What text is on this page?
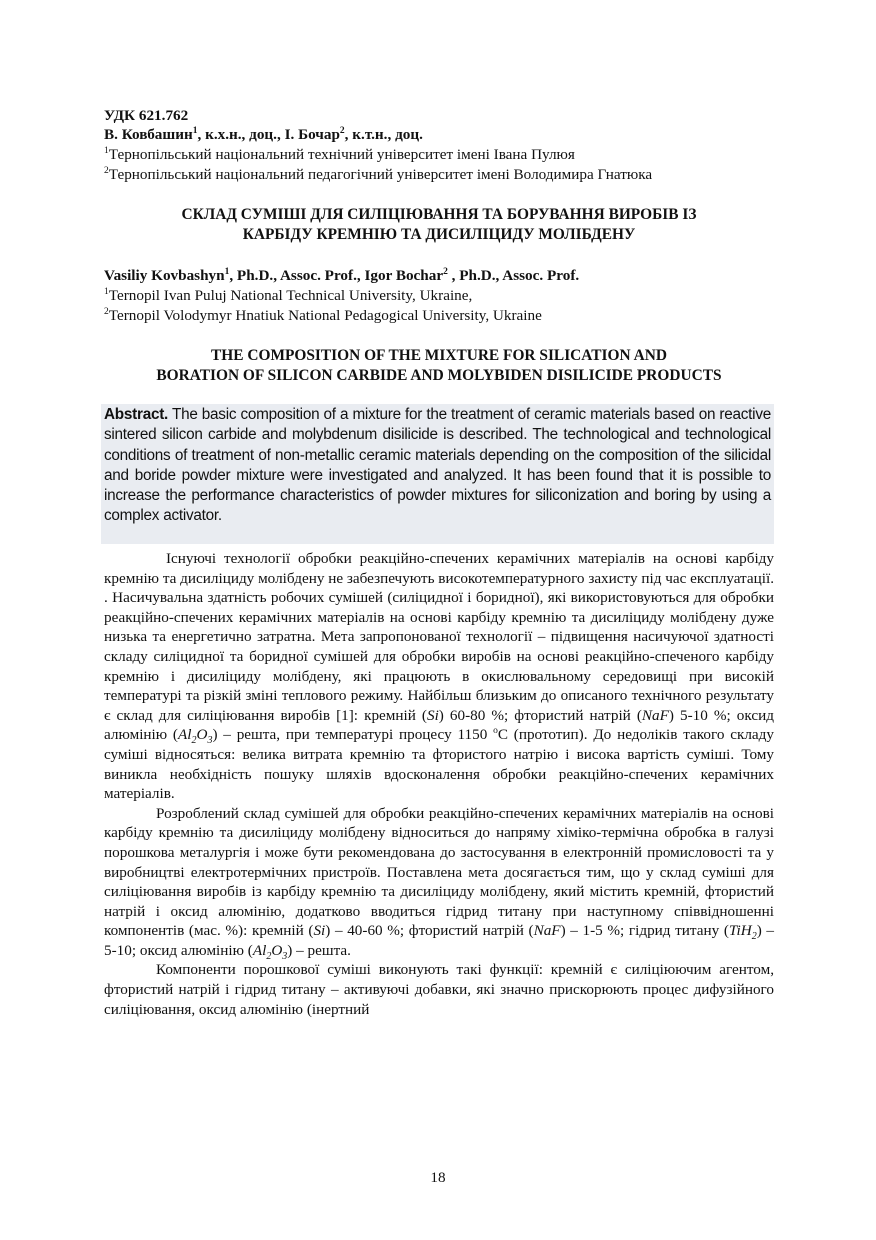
УДК 621.762
В. Ковбашин$^1$, к.х.н., доц., І. Бочар$^2$, к.т.н., доц.
$^1$Тернопільський національний технічний університет імені Івана Пулюя
$^2$Тернопільський національний педагогічний університет імені Володимира Гнатюка
СКЛАД СУМІШІ ДЛЯ СИЛІЦІЮВАННЯ ТА БОРУВАННЯ ВИРОБІВ ІЗ
КАРБІДУ КРЕМНІЮ ТА ДИСИЛІЦИДУ МОЛІБДЕНУ
Vasiliy Kovbashyn$^1$, Ph.D., Assoc. Prof., Igor Bochar$^2$ , Ph.D., Assoc. Prof.
$^1$Ternopil Ivan Puluj National Technical University, Ukraine,
$^2$Ternopil Volodymyr Hnatiuk National Pedagogical University, Ukraine
THE COMPOSITION OF THE MIXTURE FOR SILICATION AND
BORATION OF SILICON CARBIDE AND MOLYBIDEN DISILICIDE PRODUCTS
Abstract. The basic composition of a mixture for the treatment of ceramic materials based on reactive sintered silicon carbide and molybdenum disilicide is described. The technological and technological conditions of treatment of non-metallic ceramic materials depending on the composition of the silicidal and boride powder mixture were investigated and analyzed. It has been found that it is possible to increase the performance characteristics of powder mixtures for siliconization and boring by using a complex activator.

Існуючі технології обробки реакційно-спечених керамічних матеріалів на основі карбіду кремнію та дисиліциду молібдену не забезпечують високотемпературного захисту під час експлуатації. . Насичувальна здатність робочих сумішей (силіцидної і боридної), які використовуються для обробки реакційно-спечених керамічних матеріалів на основі карбіду кремнію та дисиліциду молібдену дуже низька та енергетично затратна. Мета запропонованої технології – підвищення насичуючої здатності складу силіцидної та боридної сумішей для обробки виробів на основі реакційно-спеченого карбіду кремнію і дисиліциду молібдену, які працюють в окислювальному середовищі при високій температурі та різкій зміні теплового режиму. Найбільш близьким до описаного технічного результату є склад для силіціювання виробів [1]: кремній (Si) 60-80 %; фтористий натрій (NaF) 5-10 %; оксид алюмінію $(Al_2O_3)$ – решта, при температурі процесу 1150 $^o$С (прототип). До недоліків такого складу суміші відносяться: велика витрата кремнію та фтористого натрію і висока вартість суміші. Тому виникла необхідність пошуку шляхів вдосконалення обробки реакційно-спечених керамічних матеріалів.

Розроблений склад сумішей для обробки реакційно-спечених керамічних матеріалів на основі карбіду кремнію та дисиліциду молібдену відноситься до напряму хіміко-термічна обробка в галузі порошкова металургія і може бути рекомендована до застосування в електронній промисловості та у виробництві електротермічних пристроїв. Поставлена мета досягається тим, що у склад суміші для силіціювання виробів із карбіду кремнію та дисиліциду молібдену, який містить кремній, фтористий натрій і оксид алюмінію, додатково вводиться гідрид титану при наступному співвідношенні компонентів (мас. %): кремній (Si) – 40-60 %; фтористий натрій (NaF) – 1-5 %; гідрид титану (TiH$_2$) – 5-10; оксид алюмінію $(Al_2O_3)$ – решта.

Компоненти порошкової суміші виконують такі функції: кремній є силіціюючим агентом, фтористий натрій і гідрид титану – активуючі добавки, які значно прискорюють процес дифузійного силіціювання, оксид алюмінію (інертний

18
